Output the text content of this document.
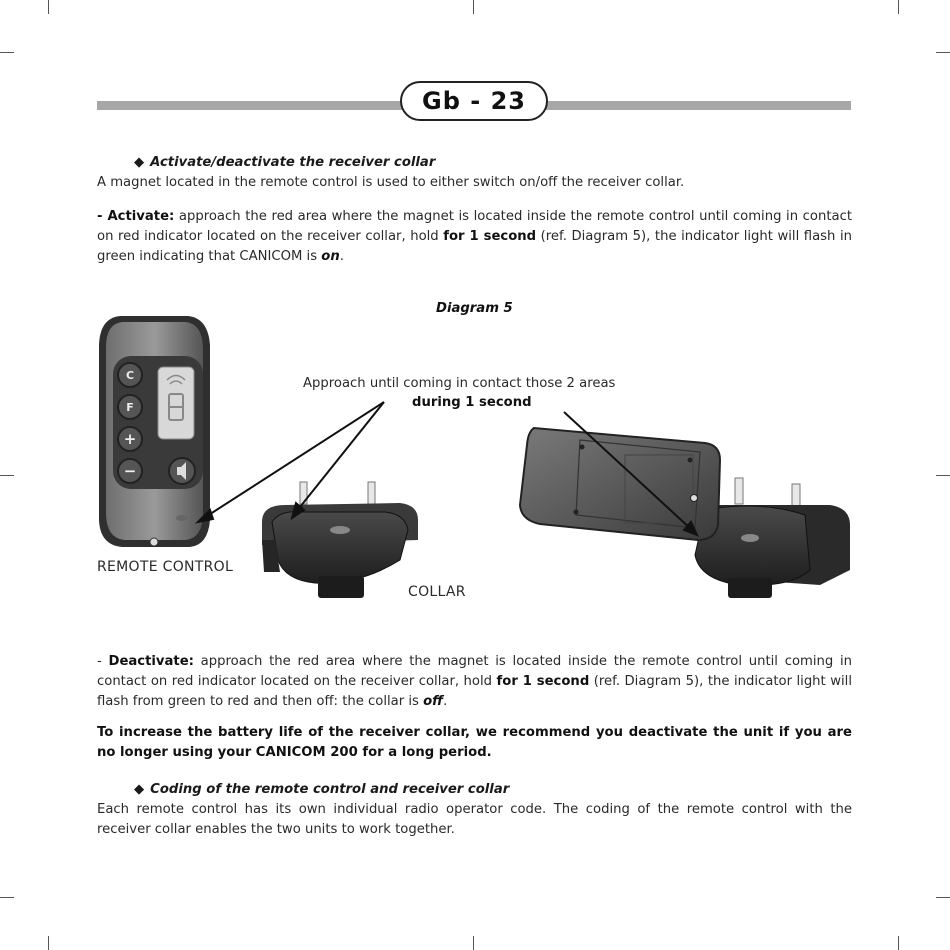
Gb - 23
◆ Activate/deactivate the receiver collar
A magnet located in the remote control is used to either switch on/off the receiver collar.
- Activate: approach the red area where the magnet is located inside the remote control until coming in contact on red indicator located on the receiver collar, hold for 1 second (ref. Diagram 5), the indicator light will flash in green indicating that CANICOM is on.
Diagram 5
Approach until coming in contact those 2 areas
during 1 second
REMOTE CONTROL
COLLAR
C
F
+
−
- Deactivate: approach the red area where the magnet is located inside the remote control until coming in contact on red indicator located on the receiver collar, hold for 1 second (ref. Diagram 5), the indicator light will flash from green to red and then off: the collar is off.
To increase the battery life of the receiver collar, we recommend you deactivate the unit if you are no longer using your CANICOM 200 for a long period.
◆ Coding of the remote control and receiver collar
Each remote control has its own individual radio operator code. The coding of the remote control with the receiver collar enables the two units to work together.
